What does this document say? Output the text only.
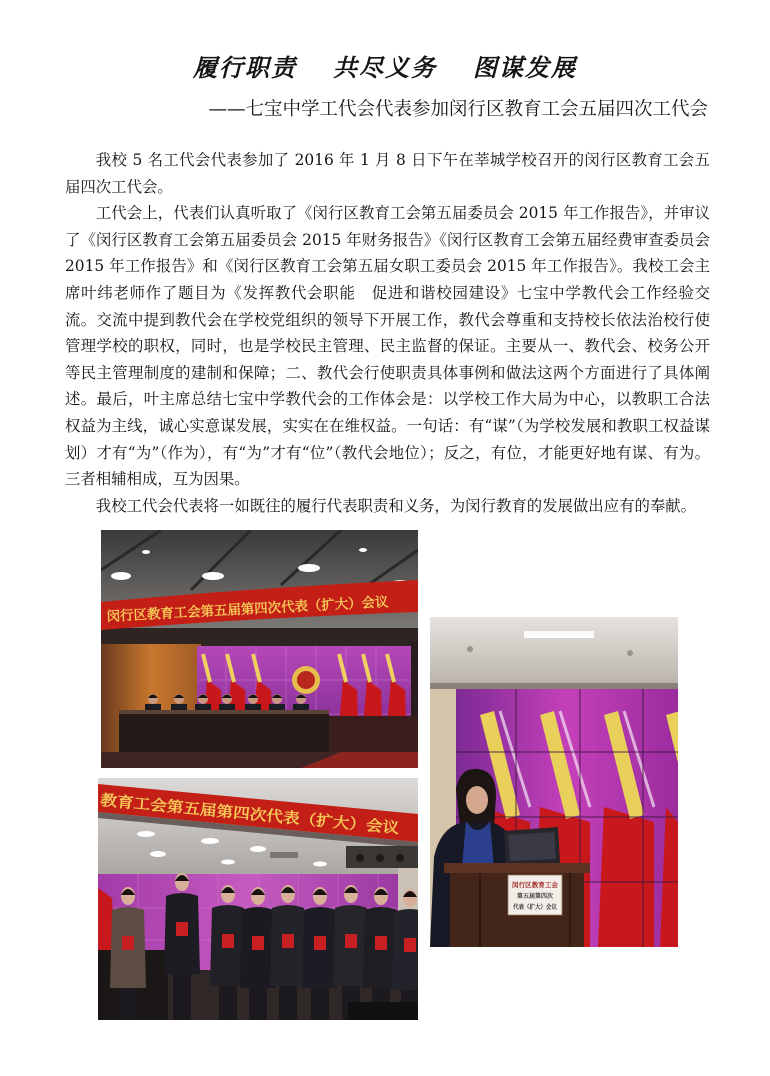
履行职责 共尽义务 图谋发展
——七宝中学工代会代表参加闵行区教育工会五届四次工代会

我校 5 名工代会代表参加了 2016 年 1 月 8 日下午在莘城学校召开的闵行区教育工会五届四次工代会。

工代会上，代表们认真听取了《闵行区教育工会第五届委员会 2015 年工作报告》，并审议了《闵行区教育工会第五届委员会 2015 年财务报告》《闵行区教育工会第五届经费审查委员会 2015 年工作报告》和《闵行区教育工会第五届女职工委员会 2015 年工作报告》。我校工会主席叶纬老师作了题目为《发挥教代会职能　促进和谐校园建设》七宝中学教代会工作经验交流。交流中提到教代会在学校党组织的领导下开展工作，教代会尊重和支持校长依法治校行使管理学校的职权，同时，也是学校民主管理、民主监督的保证。主要从一、教代会、校务公开等民主管理制度的建制和保障；二、教代会行使职责具体事例和做法这两个方面进行了具体阐述。最后，叶主席总结七宝中学教代会的工作体会是：以学校工作大局为中心，以教职工合法权益为主线，诚心实意谋发展，实实在在维权益。一句话：有“谋”（为学校发展和教职工权益谋划）才有“为”（作为），有“为”才有“位”（教代会地位）；反之，有位，才能更好地有谋、有为。三者相辅相成，互为因果。

我校工代会代表将一如既往的履行代表职责和义务，为闵行教育的发展做出应有的奉献。

闵行区教育工会第五届第四次代表（扩大）会议
闵行区教育工会
第五届第四次
代表（扩大）会议
教育工会第五届第四次代表（扩大）会议
